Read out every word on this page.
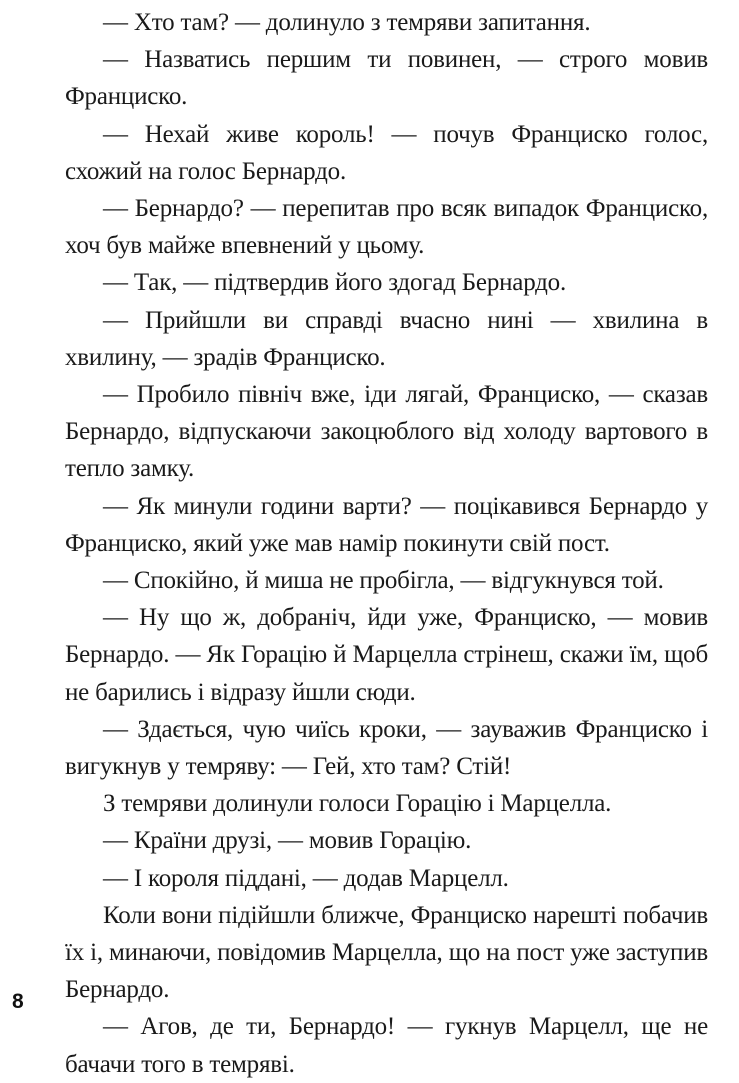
— Хто там? — долинуло з темряви запитання.

— Назватись першим ти повинен, — строго мовив Франциско.

— Нехай живе король! — почув Франциско голос, схожий на голос Бернардо.

— Бернардо? — перепитав про всяк випадок Франциско, хоч був майже впевнений у цьому.

— Так, — підтвердив його здогад Бернардо.

— Прийшли ви справді вчасно нині — хвилина в хвилину, — зрадів Франциско.

— Пробило північ вже, іди лягай, Франциско, — сказав Бернардо, відпускаючи закоцюблого від холоду вартового в тепло замку.

— Як минули години варти? — поцікавився Бернардо у Франциско, який уже мав намір покинути свій пост.

— Спокійно, й миша не пробігла, — відгукнувся той.

— Ну що ж, добраніч, йди уже, Франциско, — мовив Бернардо. — Як Горацію й Марцелла стрінеш, скажи їм, щоб не барились і відразу йшли сюди.

— Здається, чую чиїсь кроки, — зауважив Франциско і вигукнув у темряву: — Гей, хто там? Стій!

З темряви долинули голоси Горацію і Марцелла.

— Країни друзі, — мовив Горацію.

— І короля піддані, — додав Марцелл.

Коли вони підійшли ближче, Франциско нарешті побачив їх і, минаючи, повідомив Марцелла, що на пост уже заступив Бернардо.

— Агов, де ти, Бернардо! — гукнув Марцелл, ще не бачачи того в темряві.

8
